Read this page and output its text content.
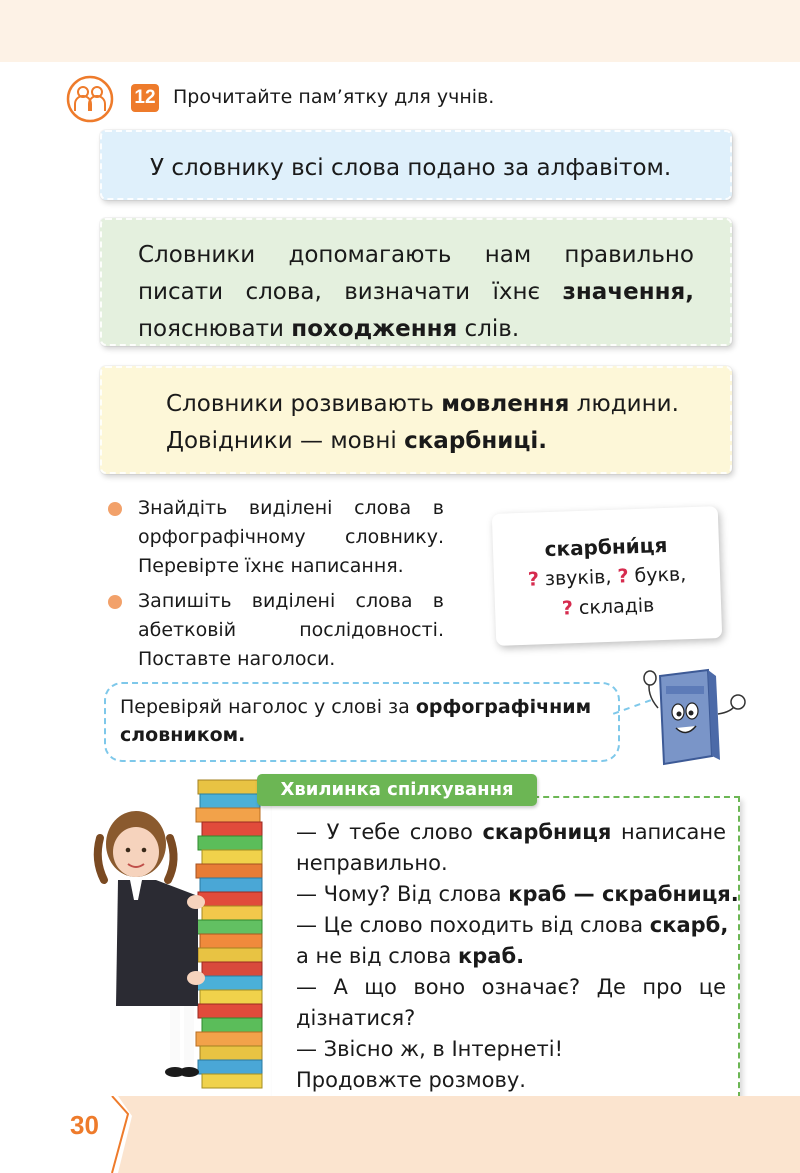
12 Прочитайте пам’ятку для учнів.
У словнику всі слова подано за алфавітом.
Словники допомагають нам правильно писати слова, визначати їхнє значення, пояснювати походження слів.
Словники розвивають мовлення людини.
Довідники — мовні скарбниці.
Знайдіть виділені слова в орфографічному словнику. Перевірте їхнє написання.
Запишіть виділені слова в абетковій послідовності. Поставте наголоси.
скарбни́ця
? звуків, ? букв,
? складів
Перевіряй наголос у слові за орфографічним словником.
Хвилинка спілкування
— У тебе слово скарбниця написане
неправильно.
— Чому? Від слова краб — скрабниця.
— Це слово походить від слова скарб,
а не від слова краб.
— А що воно означає? Де про це
дізнатися?
— Звісно ж, в Інтернеті!
Продовжте розмову.
30
